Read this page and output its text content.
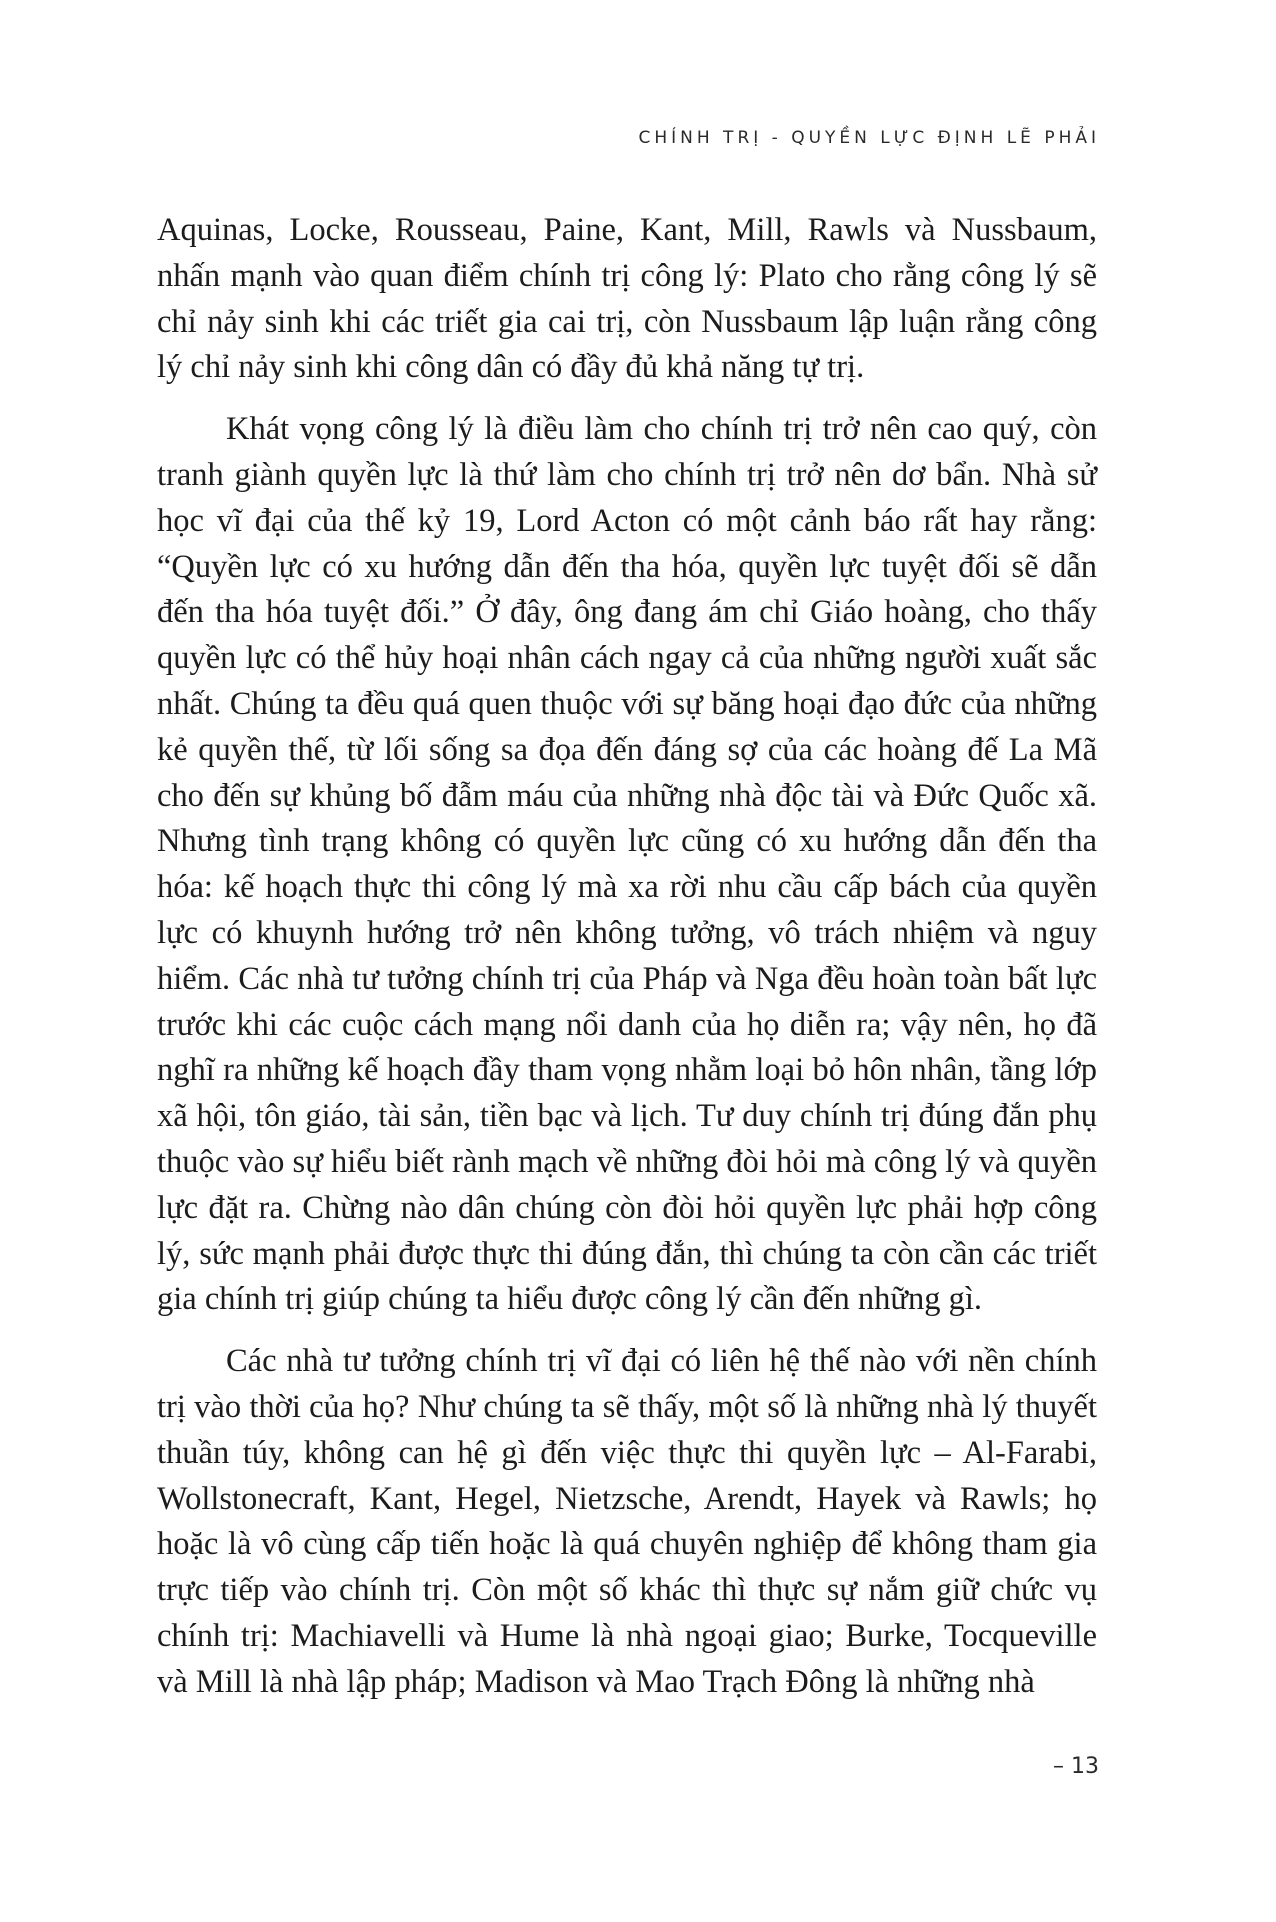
CHÍNH TRỊ - QUYỀN LỰC ĐỊNH LẼ PHẢI

Aquinas, Locke, Rousseau, Paine, Kant, Mill, Rawls và Nussbaum, nhấn mạnh vào quan điểm chính trị công lý: Plato cho rằng công lý sẽ chỉ nảy sinh khi các triết gia cai trị, còn Nussbaum lập luận rằng công lý chỉ nảy sinh khi công dân có đầy đủ khả năng tự trị.

Khát vọng công lý là điều làm cho chính trị trở nên cao quý, còn tranh giành quyền lực là thứ làm cho chính trị trở nên dơ bẩn. Nhà sử học vĩ đại của thế kỷ 19, Lord Acton có một cảnh báo rất hay rằng: “Quyền lực có xu hướng dẫn đến tha hóa, quyền lực tuyệt đối sẽ dẫn đến tha hóa tuyệt đối.” Ở đây, ông đang ám chỉ Giáo hoàng, cho thấy quyền lực có thể hủy hoại nhân cách ngay cả của những người xuất sắc nhất. Chúng ta đều quá quen thuộc với sự băng hoại đạo đức của những kẻ quyền thế, từ lối sống sa đọa đến đáng sợ của các hoàng đế La Mã cho đến sự khủng bố đẫm máu của những nhà độc tài và Đức Quốc xã. Nhưng tình trạng không có quyền lực cũng có xu hướng dẫn đến tha hóa: kế hoạch thực thi công lý mà xa rời nhu cầu cấp bách của quyền lực có khuynh hướng trở nên không tưởng, vô trách nhiệm và nguy hiểm. Các nhà tư tưởng chính trị của Pháp và Nga đều hoàn toàn bất lực trước khi các cuộc cách mạng nổi danh của họ diễn ra; vậy nên, họ đã nghĩ ra những kế hoạch đầy tham vọng nhằm loại bỏ hôn nhân, tầng lớp xã hội, tôn giáo, tài sản, tiền bạc và lịch. Tư duy chính trị đúng đắn phụ thuộc vào sự hiểu biết rành mạch về những đòi hỏi mà công lý và quyền lực đặt ra. Chừng nào dân chúng còn đòi hỏi quyền lực phải hợp công lý, sức mạnh phải được thực thi đúng đắn, thì chúng ta còn cần các triết gia chính trị giúp chúng ta hiểu được công lý cần đến những gì.

Các nhà tư tưởng chính trị vĩ đại có liên hệ thế nào với nền chính trị vào thời của họ? Như chúng ta sẽ thấy, một số là những nhà lý thuyết thuần túy, không can hệ gì đến việc thực thi quyền lực – Al-Farabi, Wollstonecraft, Kant, Hegel, Nietzsche, Arendt, Hayek và Rawls; họ hoặc là vô cùng cấp tiến hoặc là quá chuyên nghiệp để không tham gia trực tiếp vào chính trị. Còn một số khác thì thực sự nắm giữ chức vụ chính trị: Machiavelli và Hume là nhà ngoại giao; Burke, Tocqueville và Mill là nhà lập pháp; Madison và Mao Trạch Đông là những nhà

– 13
